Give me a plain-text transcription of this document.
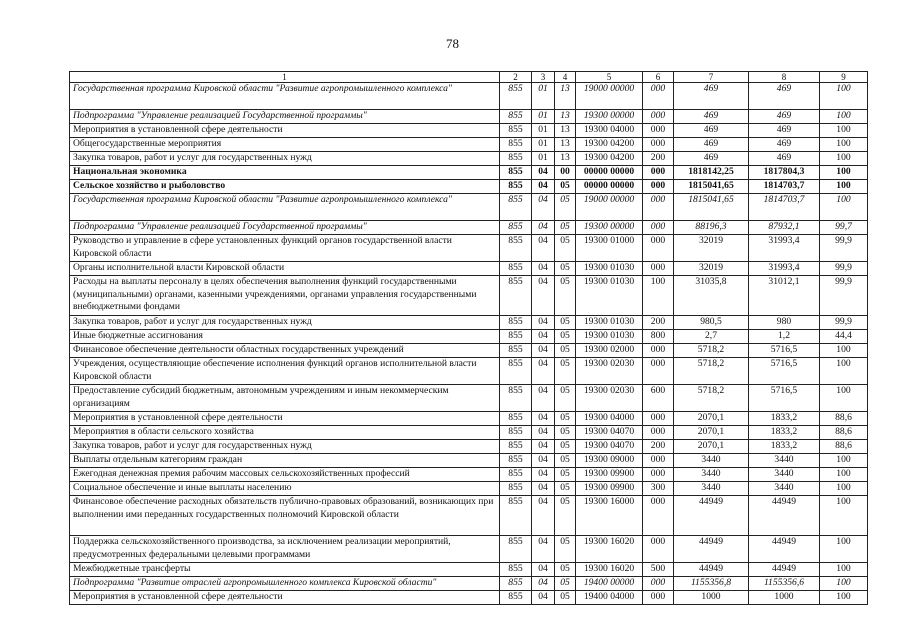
78
1	2	3	4	5	6	7	8	9
Государственная программа Кировской области "Развитие агропромышленного комплекса"	855	01	13	19000 00000	000	469	469	100
Подпрограмма "Управление реализацией Государственной программы"	855	01	13	19300 00000	000	469	469	100
Мероприятия в установленной сфере деятельности	855	01	13	19300 04000	000	469	469	100
Общегосударственные мероприятия	855	01	13	19300 04200	000	469	469	100
Закупка товаров, работ и услуг для государственных нужд	855	01	13	19300 04200	200	469	469	100
Национальная экономика	855	04	00	00000 00000	000	1818142,25	1817804,3	100
Сельское хозяйство и рыболовство	855	04	05	00000 00000	000	1815041,65	1814703,7	100
Государственная программа Кировской области "Развитие агропромышленного комплекса"	855	04	05	19000 00000	000	1815041,65	1814703,7	100
Подпрограмма "Управление реализацией Государственной программы"	855	04	05	19300 00000	000	88196,3	87932,1	99,7
Руководство и управление в сфере установленных функций органов государственной власти Кировской области	855	04	05	19300 01000	000	32019	31993,4	99,9
Органы исполнительной власти Кировской области	855	04	05	19300 01030	000	32019	31993,4	99,9
Расходы на выплаты персоналу в целях обеспечения выполнения функций государственными (муниципальными) органами, казенными учреждениями, органами управления государственными внебюджетными фондами	855	04	05	19300 01030	100	31035,8	31012,1	99,9
Закупка товаров, работ и услуг для государственных нужд	855	04	05	19300 01030	200	980,5	980	99,9
Иные бюджетные ассигнования	855	04	05	19300 01030	800	2,7	1,2	44,4
Финансовое обеспечение деятельности областных государственных учреждений	855	04	05	19300 02000	000	5718,2	5716,5	100
Учреждения, осуществляющие обеспечение исполнения функций органов исполнительной власти Кировской области	855	04	05	19300 02030	000	5718,2	5716,5	100
Предоставление субсидий бюджетным, автономным учреждениям и иным некоммерческим организациям	855	04	05	19300 02030	600	5718,2	5716,5	100
Мероприятия в установленной сфере деятельности	855	04	05	19300 04000	000	2070,1	1833,2	88,6
Мероприятия в области сельского хозяйства	855	04	05	19300 04070	000	2070,1	1833,2	88,6
Закупка товаров, работ и услуг для государственных нужд	855	04	05	19300 04070	200	2070,1	1833,2	88,6
Выплаты отдельным категориям граждан	855	04	05	19300 09000	000	3440	3440	100
Ежегодная денежная премия рабочим массовых сельскохозяйственных профессий	855	04	05	19300 09900	000	3440	3440	100
Социальное обеспечение и иные выплаты населению	855	04	05	19300 09900	300	3440	3440	100
Финансовое обеспечение расходных обязательств публично-правовых образований, возникающих при выполнении ими переданных государственных полномочий Кировской области	855	04	05	19300 16000	000	44949	44949	100
Поддержка сельскохозяйственного производства, за исключением реализации мероприятий, предусмотренных федеральными целевыми программами	855	04	05	19300 16020	000	44949	44949	100
Межбюджетные трансферты	855	04	05	19300 16020	500	44949	44949	100
Подпрограмма "Развитие отраслей агропромышленного комплекса Кировской области"	855	04	05	19400 00000	000	1155356,8	1155356,6	100
Мероприятия в установленной сфере деятельности	855	04	05	19400 04000	000	1000	1000	100
